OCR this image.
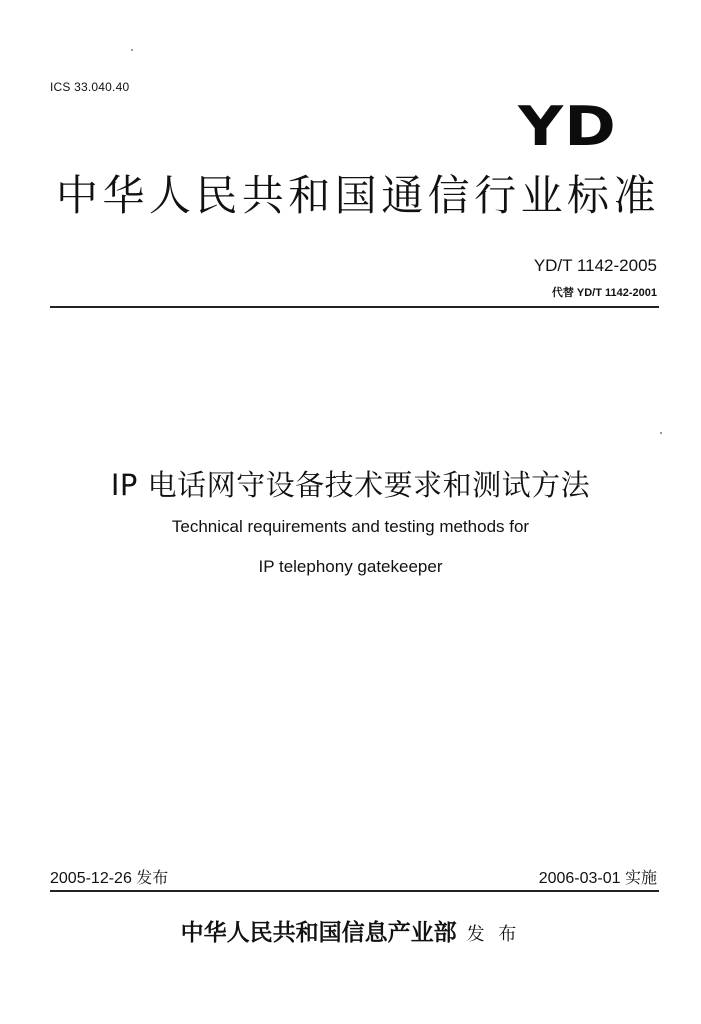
ICS 33.040.40
YD
中华人民共和国通信行业标准
YD/T 1142-2005
代替 YD/T 1142-2001
IP 电话网守设备技术要求和测试方法
Technical requirements and testing methods for
IP telephony gatekeeper
2005-12-26 发布	2006-03-01 实施
中华人民共和国信息产业部 发 布
